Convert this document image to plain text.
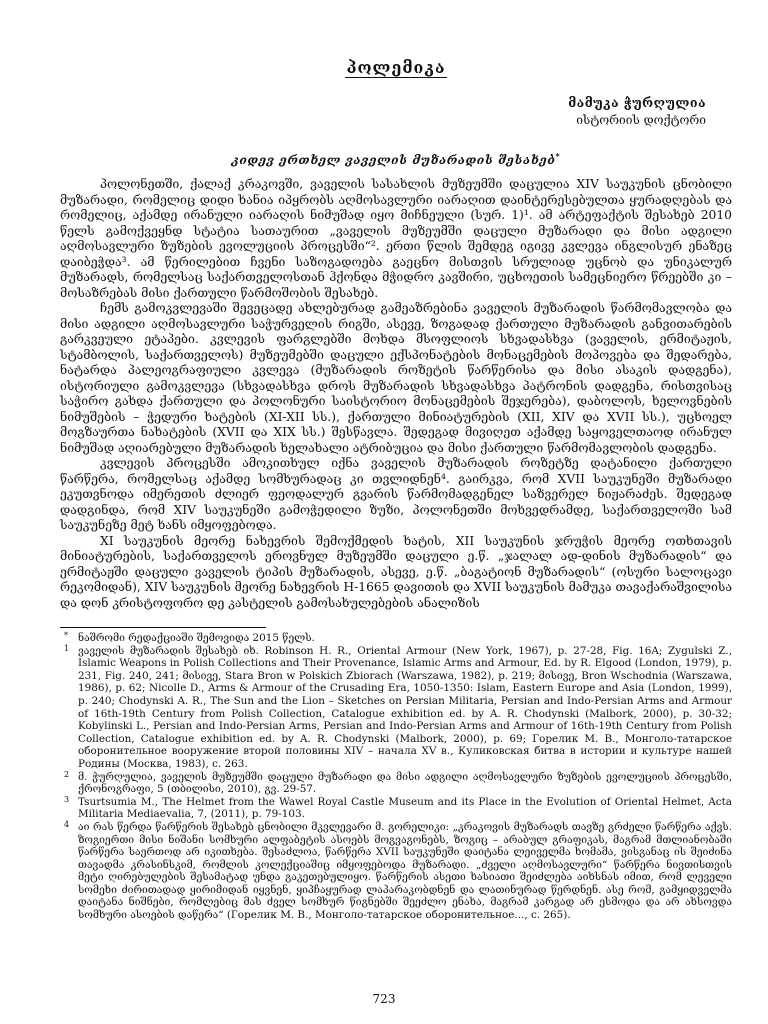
პოლემიკა
მამუკა ჭურღულია
ისტორიის დოქტორი
კიდევ ერთხელ ვაველის მუზარადის შესახებ*

პოლონეთში, ქალაქ კრაკოვში, ვაველის სასახლის მუზეუმში დაცულია XIV საუკუნის ცნობილი მუზარადი, რომელიც დიდი ხანია იპყრობს აღმოსავლური იარაღით დაინტერესებულთა ყურადღებას და რომელიც, აქამდე ირანული იარაღის ნიმუშად იყო მიჩნეული (სურ. 1)¹. ამ არტეფაქტის შესახებ 2010 წელს გამოქვეყნდ სტატია სათაურით „ვაველის მუზეუმში დაცული მუზარადი და მისი ადგილი აღმოსავლური ზუზების ევოლუციის პროცესში“². ერთი წლის შემდეგ იგივე კვლევა ინგლისურ ენაზეც დაიბეჭდა³. ამ წერილებით ჩვენი საზოგადოება გაეცნო მისთვის სრულიად უცნობ და უნიკალურ მუზარადს, რომელსაც საქართველოსთან ჰქონდა მჭიდრო კავშირი, უცხოეთის სამეცნიერო წრეებში კი – მოსაზრებას მისი ქართული წარმოშობის შესახებ.

ჩემს გამოკვლევაში შევეცადე ახლებურად გამეაზრებინა ვაველის მუზარადის წარმომავლობა და მისი ადგილი აღმოსავლური საჭურველის რიგში, ასევე, ზოგადად ქართული მუზარადის განვითარების გარკვეული ეტაპები. კვლევის ფარგლებში მოხდა მსოფლიოს სხვადასხვა (ვაველის, ერმიტაჟის, სტამბოლის, საქართველოს) მუზეუმებში დაცული ექსპონატების მონაცემების მოპოვება და შედარება, ნატარდა პალეოგრაფიული კვლევა (მუზარადის როზეტის წარწერისა და მისი ასაკის დადგენა), ისტორიული გამოკვლევა (სხვადასხვა დროს მუზარადის სხვადასხვა პატრონის დადგენა, რისთვისაც საჭირო გახდა ქართული და პოლონური საისტორიო მონაცემების შეჯერება), დაბოლოს, ხელოვნების ნიმუშების – ჭედური ხატების (XI-XII სს.), ქართული მინიატურების (XII, XIV და XVII სს.), უცხოელ მოგზაურთა ნახატების (XVII და XIX სს.) შესწავლა. შედეგად მივიღეთ აქამდე საყოველთაოდ ირანულ ნიმუშად აღიარებული მუზარადის ხელახალი ატრიბუცია და მისი ქართული წარმომავლობის დადგენა.

კვლევის პროცესში ამოკითხულ იქნა ვაველის მუზარადის როზეტზე დატანილი ქართული წარწერა, რომელსაც აქამდე სომხურადაც კი თვლიდნენ⁴. გაირკვა, რომ XVII საუკუნეში მუზარადი ეკუთვნოდა იმერეთის ძლიერ ფეოდალურ გვარის წარმომადგენელ საზვერელ ნიჟარაძეს. შედეგად დადგინდა, რომ XIV საუკუნეში გამოჭედილი ზუზი, პოლონეთში მოხვედრამდე, საქართველოში სამ საუკუნეზე მეტ ხანს იმყოფებოდა.

XI საუკუნის მეორე ნახევრის შემოქმედის ხატის, XII საუკუნის ჯრუჭის მეორე ოთხთავის მინიატურების, საქართველოს ეროვნულ მუზეუმში დაცული ე.წ. „ჯალალ ად-დინის მუზარადის“ და ერმიტაჟში დაცული ვაველის ტიპის მუზარადის, ასევე, ე.წ. „ბაგატიონ მუზარადის“ (ოსური სალოცავი რეკომიდან), XIV საუკუნის მეორე ნახევრის H-1665 დავითის და XVII საუკუნის მამუკა თავაქარაშვილისა და დონ კრისტოფორო დე კასტელის გამოსახულებების ანალიზის

* ნაშრომი რედაქციაში შემოვიდა 2015 წელს.

1 ვაველის მუზარადის შესახებ იხ. Robinson H. R., Oriental Armour (New York, 1967), p. 27-28, Fig. 16A; Zygulski Z., Islamic Weapons in Polish Collections and Their Provenance, Islamic Arms and Armour, Ed. by R. Elgood (London, 1979), p. 231, Fig. 240, 241; მისივე, Stara Bron w Polskich Zbiorach (Warszawa, 1982), p. 219; მისივე, Bron Wschodnia (Warszawa, 1986), p. 62; Nicolle D., Arms & Armour of the Crusading Era, 1050-1350: Islam, Eastern Europe and Asia (London, 1999), p. 240; Chodynski A. R., The Sun and the Lion – Sketches on Persian Militaria, Persian and Indo-Persian Arms and Armour of 16th-19th Century from Polish Collection, Catalogue exhibition ed. by A. R. Chodynski (Malbork, 2000), p. 30-32; Kobylinski L., Persian and Indo-Persian Arms, Persian and Indo-Persian Arms and Armour of 16th-19th Century from Polish Collection, Catalogue exhibition ed. by A. R. Chodynski (Malbork, 2000), p. 69; Горелик М. В., Монголо-татарское оборонительное вооружение второй половины XIV – начала XV в., Куликовская битва в истории и культуре нашей Родины (Москва, 1983), с. 263.

2 მ. ჭურღულია, ვაველის მუზეუმში დაცული მუზარადი და მისი ადგილი აღმოსავლური ზუზების ევოლუციის პროცესში, ქრონოგრაფი, 5 (თბილისი, 2010), გვ. 29-57.

3 Tsurtsumia M., The Helmet from the Wawel Royal Castle Museum and its Place in the Evolution of Oriental Helmet, Acta Militaria Mediaevalia, 7, (2011), p. 79-103.

4 აი რას წერდა წარწერის შესახებ ცნობილი მკვლევარი მ. გორელიკი: „კრაკოვის მუზარადს თავზე გრძელი წარწერა აქვს. ზოგიერთი მისი ნიშანი სომხური ალფაბეტის ასოებს მოგვაგონებს, ზოგიც – არაბულ გრაფიკას, მაგრამ მთლიანობაში წარწერა საერთოდ არ იკითხება. შესაძლოა, წარწერა XVII საუკუნეში დაიტანა ლეიველმა ხომამა, ვისგანაც ის შეიძინა თავადმა კრასინსკიმ, რომლის კოლექციაშიც იმყოფებოდა მუზარადი. „ძველი აღმოსავლური“ წარწერა ნივთისთვის მეტი ღირებულების შესამატად უნდა გაკეთებულიყო. წარწერის ასეთი ხასიათი შეიძლება აიხსნას იმით, რომ ლეველი სომეხი ძირითადად ყირიმიდან იყვნენ, ყიპჩაყურად ლაპარაკობდნენ და ლათინურად წერდნენ. ასე რომ, გამყიდველმა დაიტანა ნიშნები, რომლებიც მას ძველ სომხურ წიგნებში შეეძლო ენახა, მაგრამ კარგად არ ესმოდა და არ ახსოვდა სომხური ასოების დაწერა“ (Горелик М. В., Монголо-татарское оборонительное..., с. 265).

723
